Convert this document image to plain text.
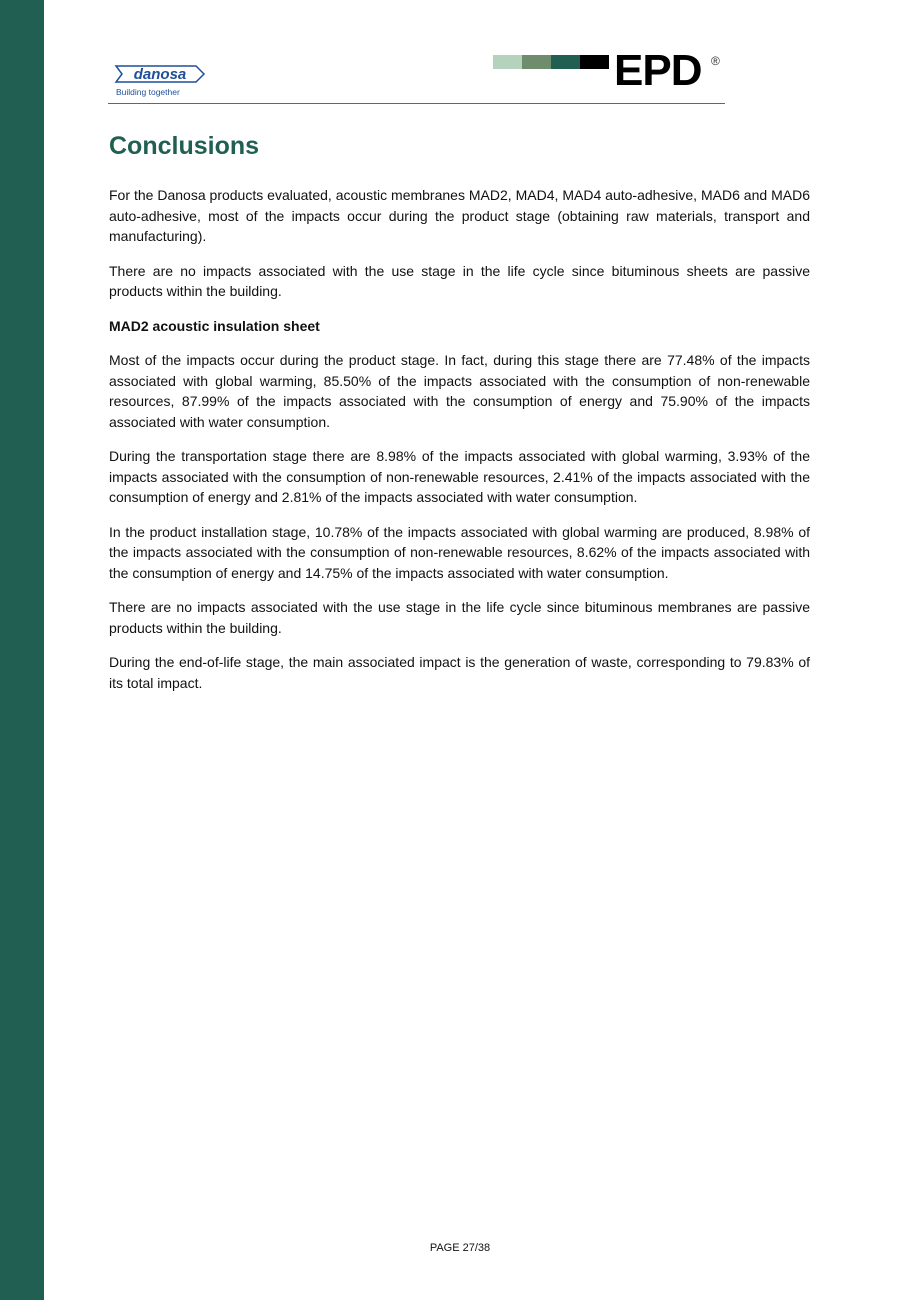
danosa
Building together	EPD ®
Conclusions

For the Danosa products evaluated, acoustic membranes MAD2, MAD4, MAD4 auto-adhesive, MAD6 and MAD6 auto-adhesive, most of the impacts occur during the product stage (obtaining raw materials, transport and manufacturing).

There are no impacts associated with the use stage in the life cycle since bituminous sheets are passive products within the building.

MAD2 acoustic insulation sheet

Most of the impacts occur during the product stage. In fact, during this stage there are 77.48% of the impacts associated with global warming, 85.50% of the impacts associated with the consumption of non-renewable resources, 87.99% of the impacts associated with the consumption of energy and 75.90% of the impacts associated with water consumption.

During the transportation stage there are 8.98% of the impacts associated with global warming, 3.93% of the impacts associated with the consumption of non-renewable resources, 2.41% of the impacts associated with the consumption of energy and 2.81% of the impacts associated with water consumption.

In the product installation stage, 10.78% of the impacts associated with global warming are produced, 8.98% of the impacts associated with the consumption of non-renewable resources, 8.62% of the impacts associated with the consumption of energy and 14.75% of the impacts associated with water consumption.

There are no impacts associated with the use stage in the life cycle since bituminous membranes are passive products within the building.

During the end-of-life stage, the main associated impact is the generation of waste, corresponding to 79.83% of its total impact.

PAGE 27/38
